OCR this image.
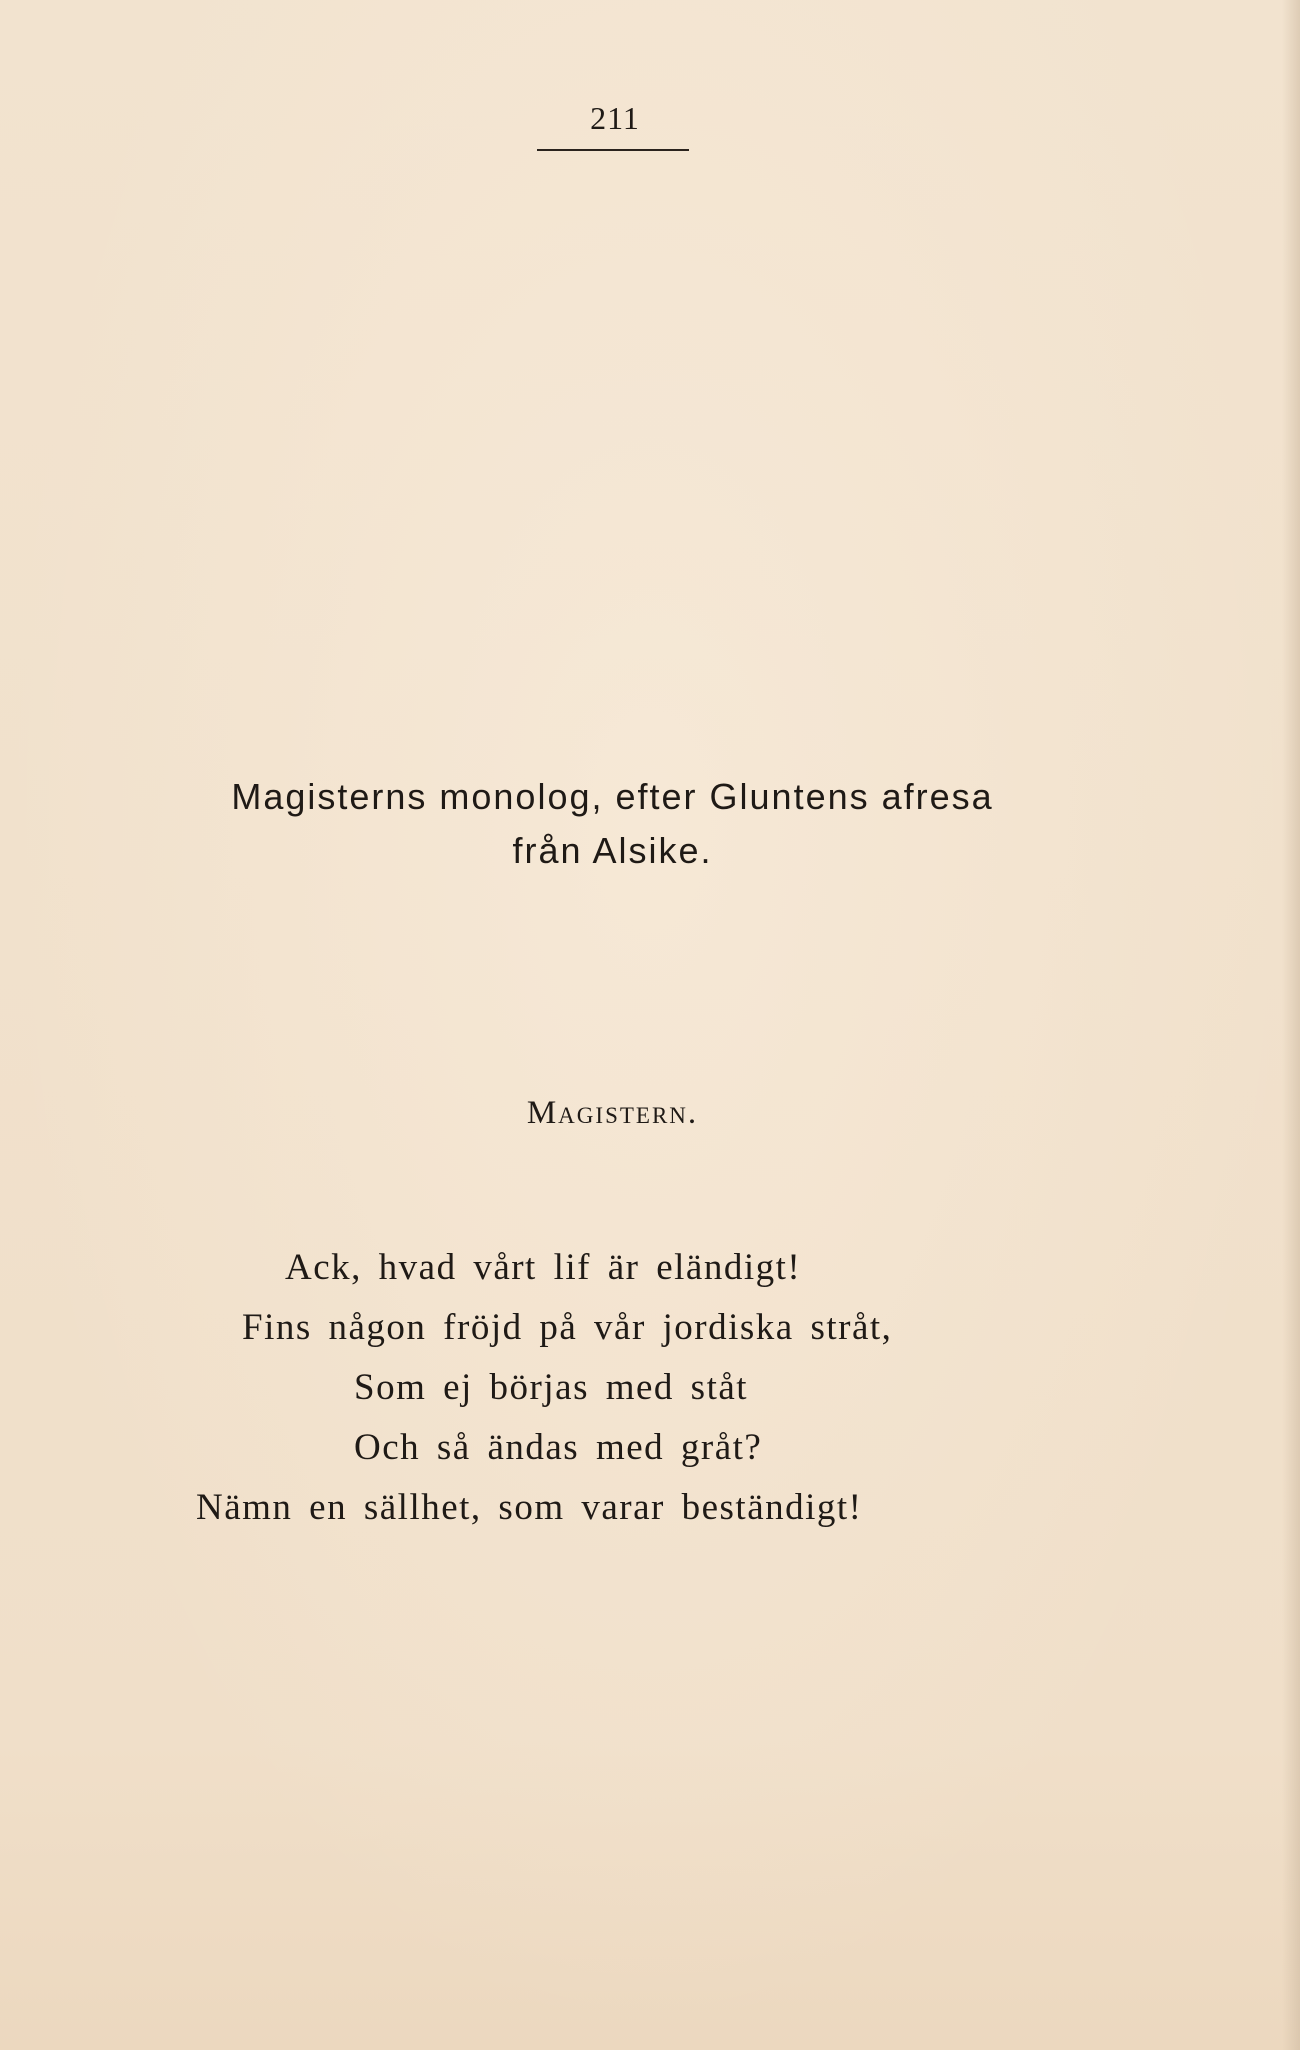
211
Magisterns monolog, efter Gluntens afresa
från Alsike.
Magistern.
Ack, hvad vårt lif är eländigt!
Fins någon fröjd på vår jordiska stråt,
Som ej börjas med ståt
Och så ändas med gråt?
Nämn en sällhet, som varar beständigt!
